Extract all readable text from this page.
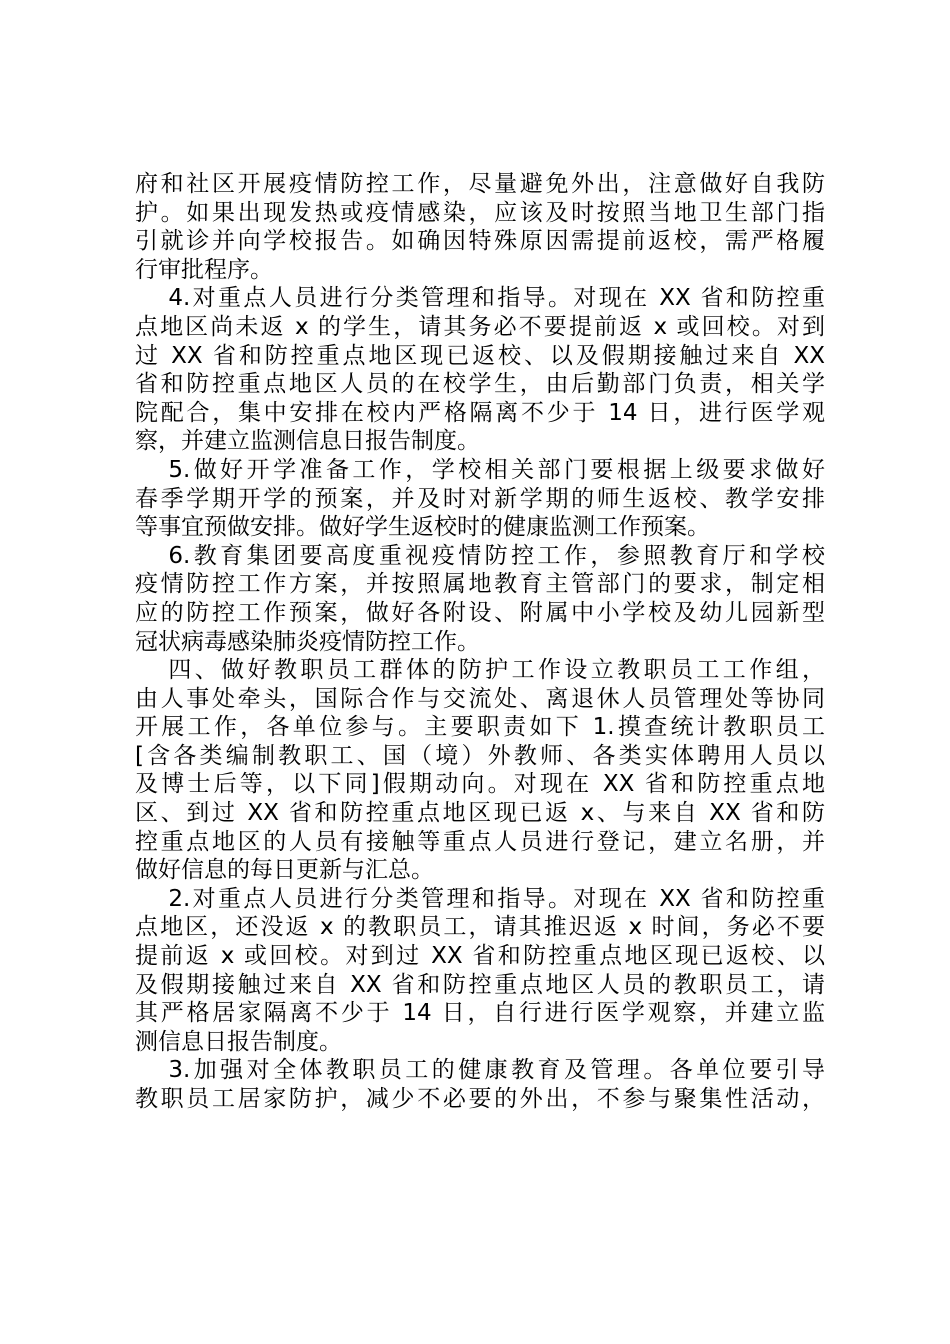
府和社区开展疫情防控工作，尽量避免外出，注意做好自我防
护。如果出现发热或疫情感染，应该及时按照当地卫生部门指
引就诊并向学校报告。如确因特殊原因需提前返校，需严格履
行审批程序。
4.对重点人员进行分类管理和指导。对现在 XX 省和防控重
点地区尚未返 x 的学生，请其务必不要提前返 x 或回校。对到
过 XX 省和防控重点地区现已返校、以及假期接触过来自 XX
省和防控重点地区人员的在校学生，由后勤部门负责，相关学
院配合，集中安排在校内严格隔离不少于 14 日，进行医学观
察，并建立监测信息日报告制度。
5.做好开学准备工作，学校相关部门要根据上级要求做好
春季学期开学的预案，并及时对新学期的师生返校、教学安排
等事宜预做安排。做好学生返校时的健康监测工作预案。
6.教育集团要高度重视疫情防控工作，参照教育厅和学校
疫情防控工作方案，并按照属地教育主管部门的要求，制定相
应的防控工作预案，做好各附设、附属中小学校及幼儿园新型
冠状病毒感染肺炎疫情防控工作。
四、做好教职员工群体的防护工作设立教职员工工作组，
由人事处牵头，国际合作与交流处、离退休人员管理处等协同
开展工作，各单位参与。主要职责如下 1.摸查统计教职员工
[含各类编制教职工、国（境）外教师、各类实体聘用人员以
及博士后等，以下同]假期动向。对现在 XX 省和防控重点地
区、到过 XX 省和防控重点地区现已返 x、与来自 XX 省和防
控重点地区的人员有接触等重点人员进行登记，建立名册，并
做好信息的每日更新与汇总。
2.对重点人员进行分类管理和指导。对现在 XX 省和防控重
点地区，还没返 x 的教职员工，请其推迟返 x 时间，务必不要
提前返 x 或回校。对到过 XX 省和防控重点地区现已返校、以
及假期接触过来自 XX 省和防控重点地区人员的教职员工，请
其严格居家隔离不少于 14 日，自行进行医学观察，并建立监
测信息日报告制度。
3.加强对全体教职员工的健康教育及管理。各单位要引导
教职员工居家防护，减少不必要的外出，不参与聚集性活动，
